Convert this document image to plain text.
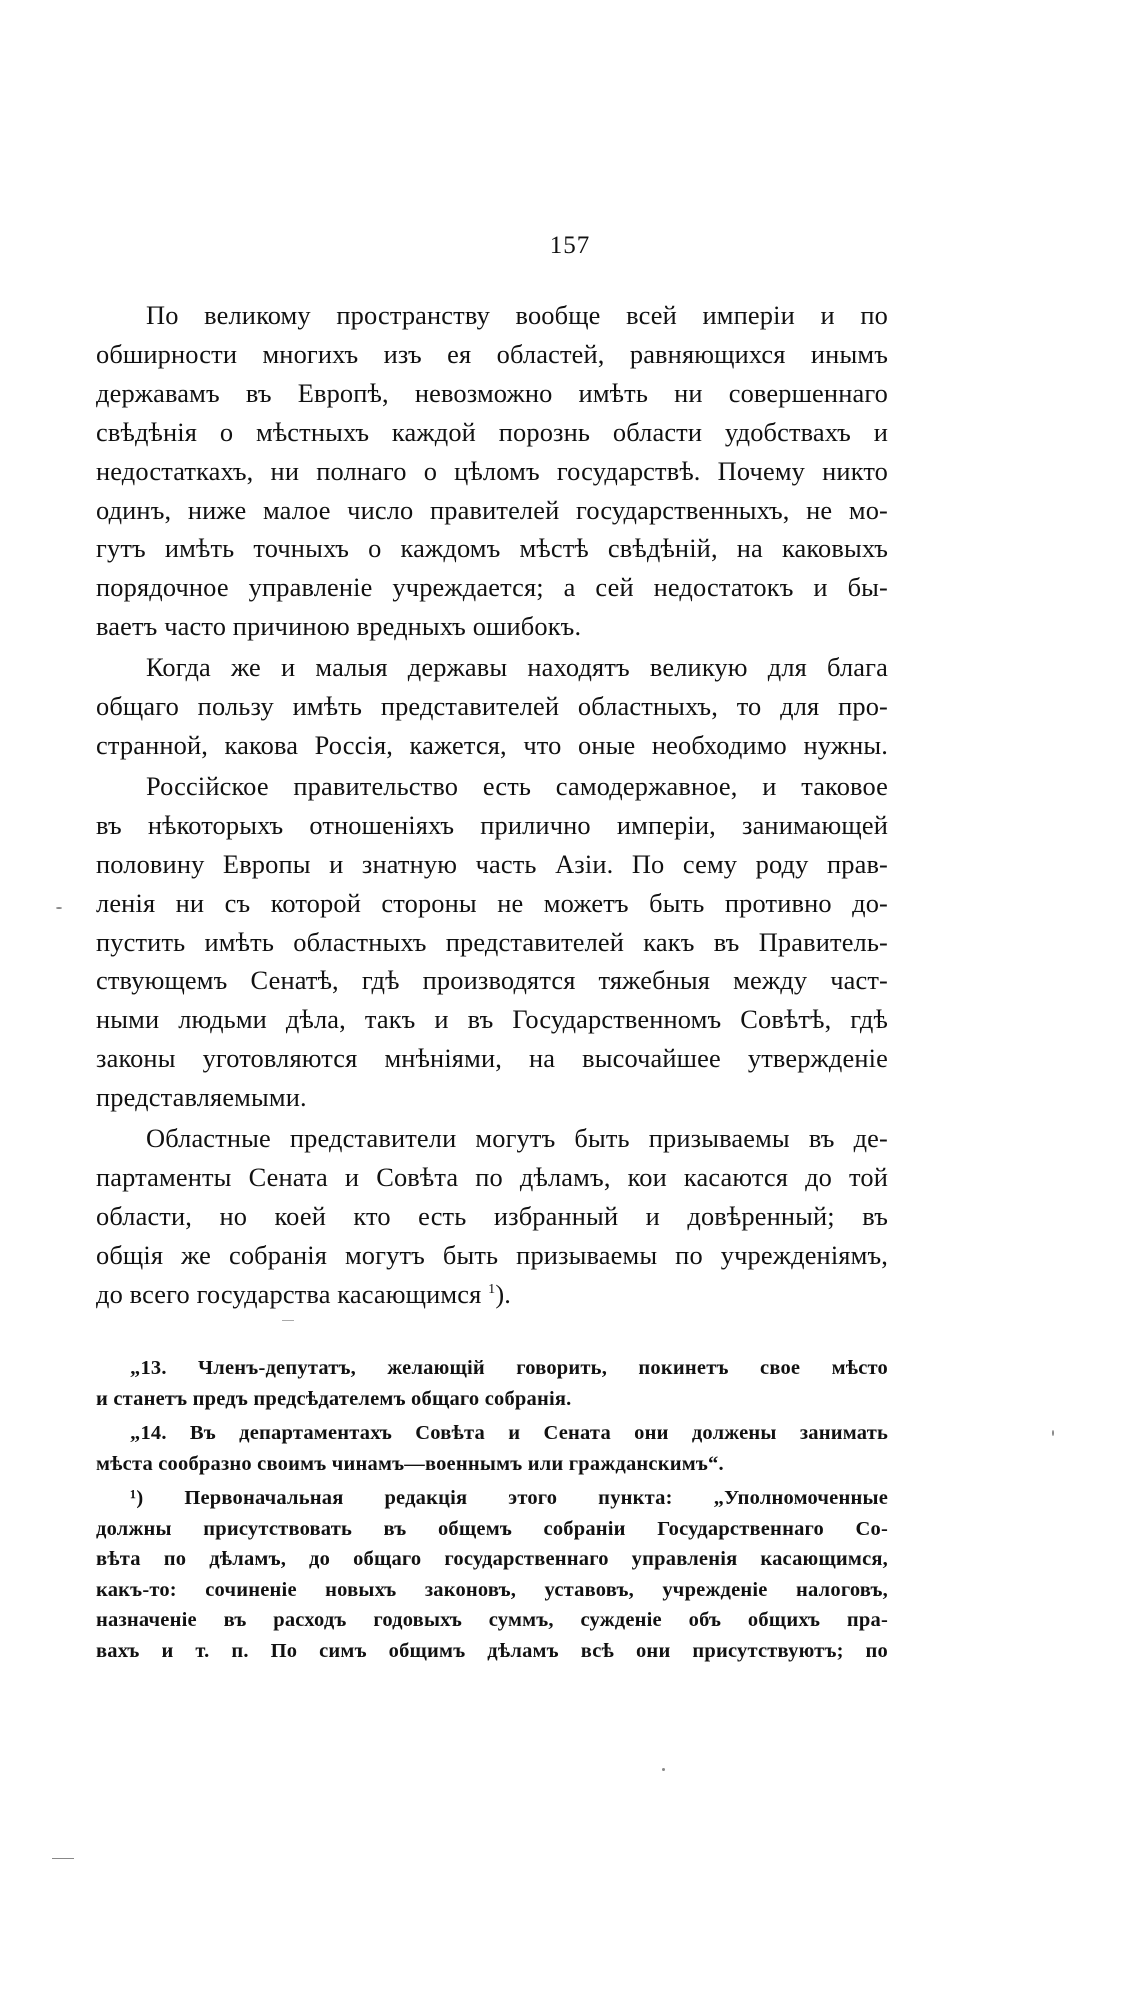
157

По великому пространству вообще всей имперіи и по
обширности многихъ изъ ея областей, равняющихся инымъ
державамъ въ Европѣ, невозможно имѣть ни совершеннаго
свѣдѣнія о мѣстныхъ каждой порознь области удобствахъ и
недостаткахъ, ни полнаго о цѣломъ государствѣ. Почему никто
одинъ, ниже малое число правителей государственныхъ, не мо-
гутъ имѣть точныхъ о каждомъ мѣстѣ свѣдѣній, на каковыхъ
порядочное управленіе учреждается; а сей недостатокъ и бы-
ваетъ часто причиною вредныхъ ошибокъ.

Когда же и малыя державы находятъ великую для блага
общаго пользу имѣть представителей областныхъ, то для про-
странной, какова Россія, кажется, что оные необходимо нужны.

Россійское правительство есть самодержавное, и таковое
въ нѣкоторыхъ отношеніяхъ прилично имперіи, занимающей
половину Европы и знатную часть Азіи. По сему роду прав-
ленія ни съ которой стороны не можетъ быть противно до-
пустить имѣть областныхъ представителей какъ въ Правитель-
ствующемъ Сенатѣ, гдѣ производятся тяжебныя между част-
ными людьми дѣла, такъ и въ Государственномъ Совѣтѣ, гдѣ
законы уготовляются мнѣніями, на высочайшее утвержденіе
представляемыми.

Областные представители могутъ быть призываемы въ де-
партаменты Сената и Совѣта по дѣламъ, кои касаются до той
области, но коей кто есть избранный и довѣренный; въ
общія же собранія могутъ быть призываемы по учрежденіямъ,
до всего государства касающимся $^1$).

„13. Членъ-депутатъ, желающій говорить, покинетъ свое мѣсто
и станетъ предъ предсѣдателемъ общаго собранія.

„14. Въ департаментахъ Совѣта и Сената они должены занимать
мѣста сообразно своимъ чинамъ—военнымъ или гражданскимъ“.

¹) Первоначальная редакція этого пункта: „Уполномоченные
должны присутствовать въ общемъ собраніи Государственнаго Со-
вѣта по дѣламъ, до общаго государственнаго управленія касающимся,
какъ-то: сочиненіе новыхъ законовъ, уставовъ, учрежденіе налоговъ,
назначеніе въ расходъ годовыхъ суммъ, сужденіе объ общихъ пра-
вахъ и т. п. По симъ общимъ дѣламъ всѣ они присутствуютъ; по
